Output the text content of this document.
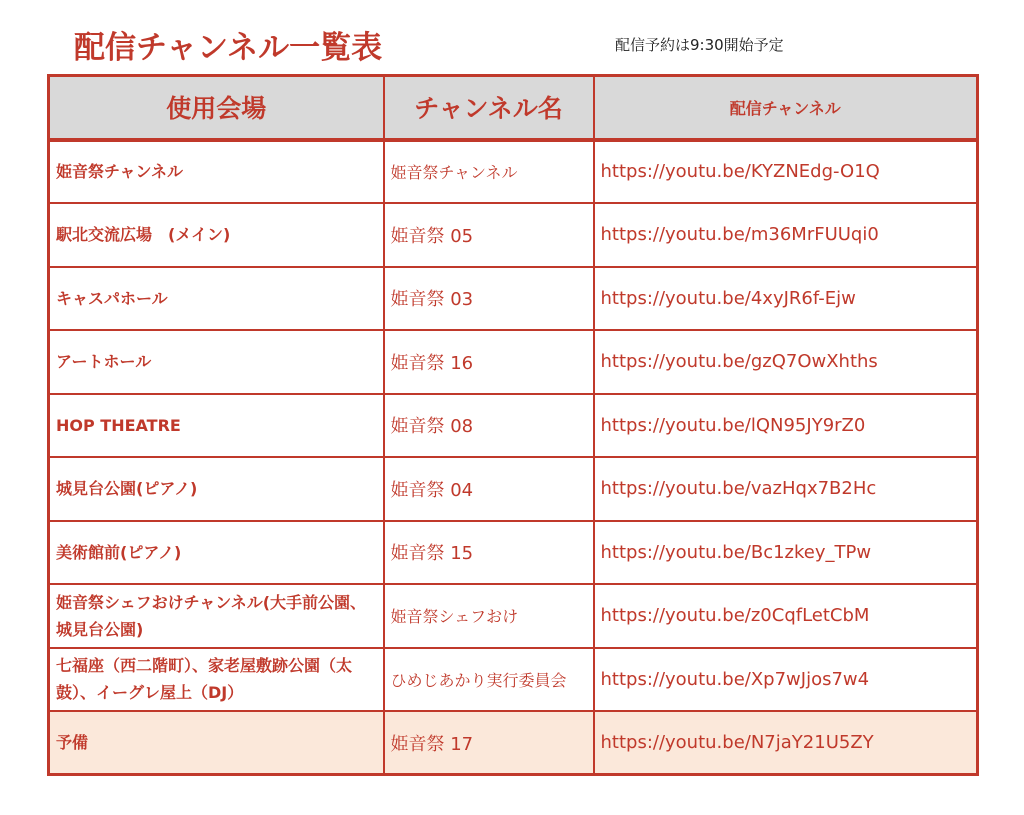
配信チャンネル一覧表	配信予約は9:30開始予定
使用会場	チャンネル名	配信チャンネル
姫音祭チャンネル	姫音祭チャンネル	https://youtu.be/KYZNEdg-O1Q
駅北交流広場　(メイン)	姫音祭 05	https://youtu.be/m36MrFUUqi0
キャスパホール	姫音祭 03	https://youtu.be/4xyJR6f-Ejw
アートホール	姫音祭 16	https://youtu.be/gzQ7OwXhths
HOP THEATRE	姫音祭 08	https://youtu.be/lQN95JY9rZ0
城見台公園(ピアノ)	姫音祭 04	https://youtu.be/vazHqx7B2Hc
美術館前(ピアノ)	姫音祭 15	https://youtu.be/Bc1zkey_TPw
姫音祭シェフおけチャンネル(大手前公園、城見台公園)	姫音祭シェフおけ	https://youtu.be/z0CqfLetCbM
七福座（西二階町）、家老屋敷跡公園（太鼓）、イーグレ屋上（DJ）	ひめじあかり実行委員会	https://youtu.be/Xp7wJjos7w4
予備	姫音祭 17	https://youtu.be/N7jaY21U5ZY
